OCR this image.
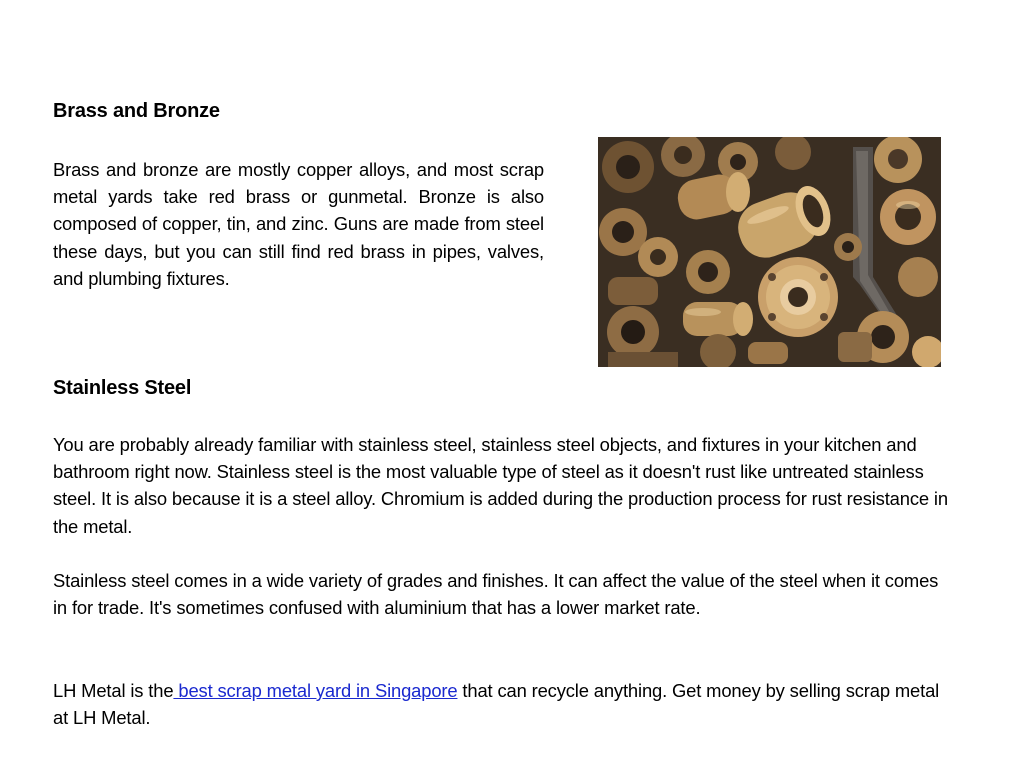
Brass and Bronze

Brass and bronze are mostly copper alloys, and most scrap metal yards take red brass or gunmetal. Bronze is also composed of copper, tin, and zinc. Guns are made from steel these days, but you can still find red brass in pipes, valves, and plumbing fixtures.

Stainless Steel

You are probably already familiar with stainless steel, stainless steel objects, and fixtures in your kitchen and bathroom right now. Stainless steel is the most valuable type of steel as it doesn't rust like untreated stainless steel. It is also because it is a steel alloy. Chromium is added during the production process for rust resistance in the metal.

Stainless steel comes in a wide variety of grades and finishes. It can affect the value of the steel when it comes in for trade. It's sometimes confused with aluminium that has a lower market rate.

LH Metal is the best scrap metal yard in Singapore that can recycle anything. Get money by selling scrap metal at LH Metal.
